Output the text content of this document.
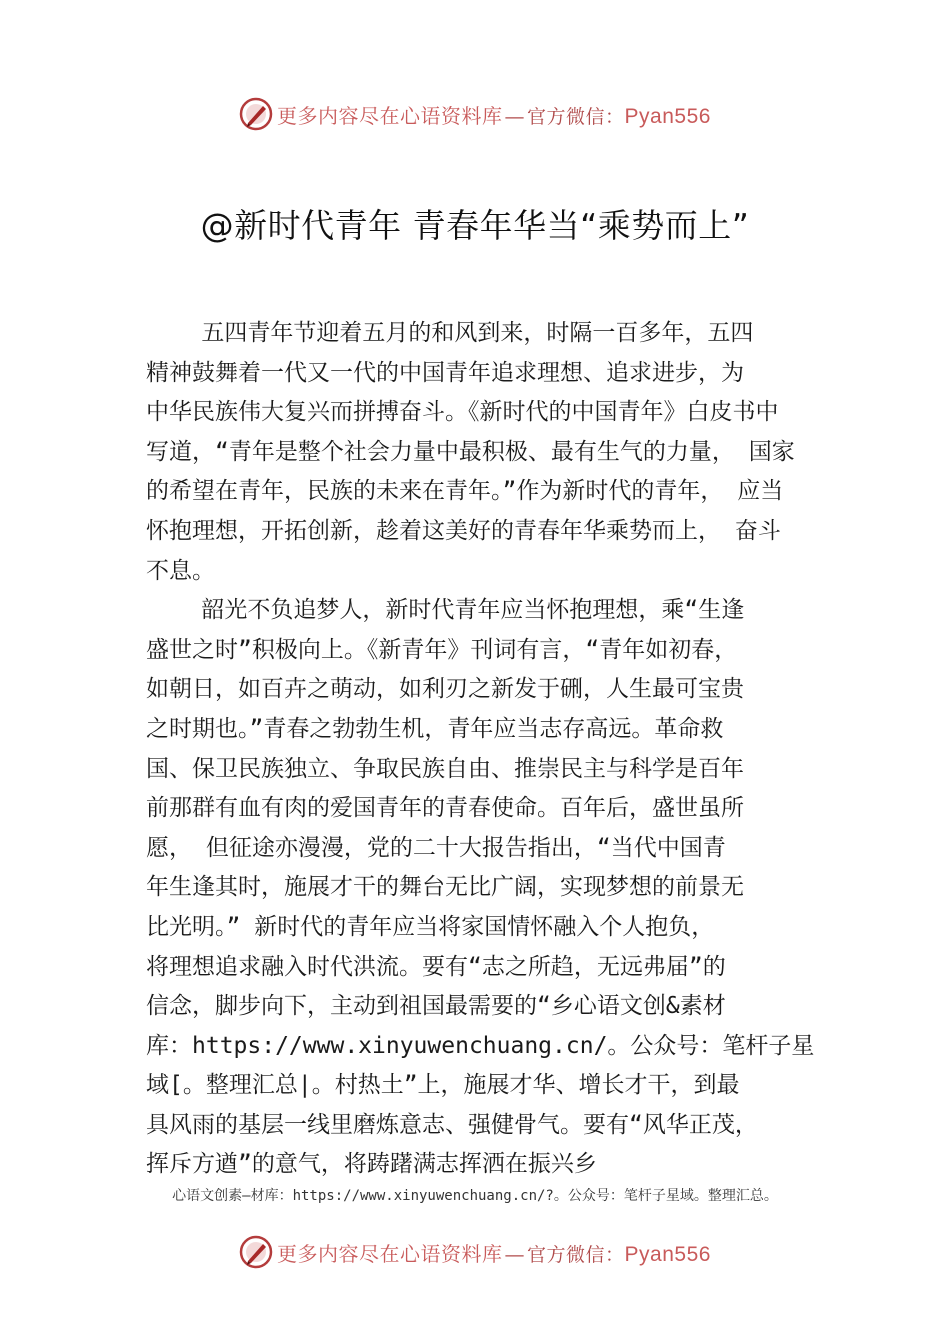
更多内容尽在心语资料库 — 官方微信：Pyan556
@新时代青年 青春年华当“乘势而上”
五四青年节迎着五月的和风到来，时隔一百多年，五四
精神鼓舞着一代又一代的中国青年追求理想、追求进步，为
中华民族伟大复兴而拼搏奋斗。《新时代的中国青年》白皮书中
写道，“青年是整个社会力量中最积极、最有生气的力量， 国家
的希望在青年，民族的未来在青年。”作为新时代的青年， 应当
怀抱理想，开拓创新，趁着这美好的青春年华乘势而上， 奋斗
不息。
韶光不负追梦人，新时代青年应当怀抱理想，乘“生逢
盛世之时”积极向上。《新青年》刊词有言，“青年如初春，
如朝日，如百卉之萌动，如利刃之新发于硎，人生最可宝贵
之时期也。”青春之勃勃生机，青年应当志存高远。革命救
国、保卫民族独立、争取民族自由、推崇民主与科学是百年
前那群有血有肉的爱国青年的青春使命。百年后，盛世虽所
愿， 但征途亦漫漫，党的二十大报告指出，“当代中国青
年生逢其时，施展才干的舞台无比广阔，实现梦想的前景无
比光明。” 新时代的青年应当将家国情怀融入个人抱负，
将理想追求融入时代洪流。要有“志之所趋，无远弗届”的
信念，脚步向下，主动到祖国最需要的“乡心语文创&素材
库：https://www.xinyuwenchuang.cn/。公众号：笔杆子星
域[。整理汇总|。村热土”上，施展才华、增长才干，到最
具风雨的基层一线里磨炼意志、强健骨气。要有“风华正茂，
挥斥方遒”的意气，将踌躇满志挥洒在振兴乡
心语文创素—材库：https://www.xinyuwenchuang.cn/?。公众号：笔杆子星域。整理汇总。
更多内容尽在心语资料库 — 官方微信：Pyan556
